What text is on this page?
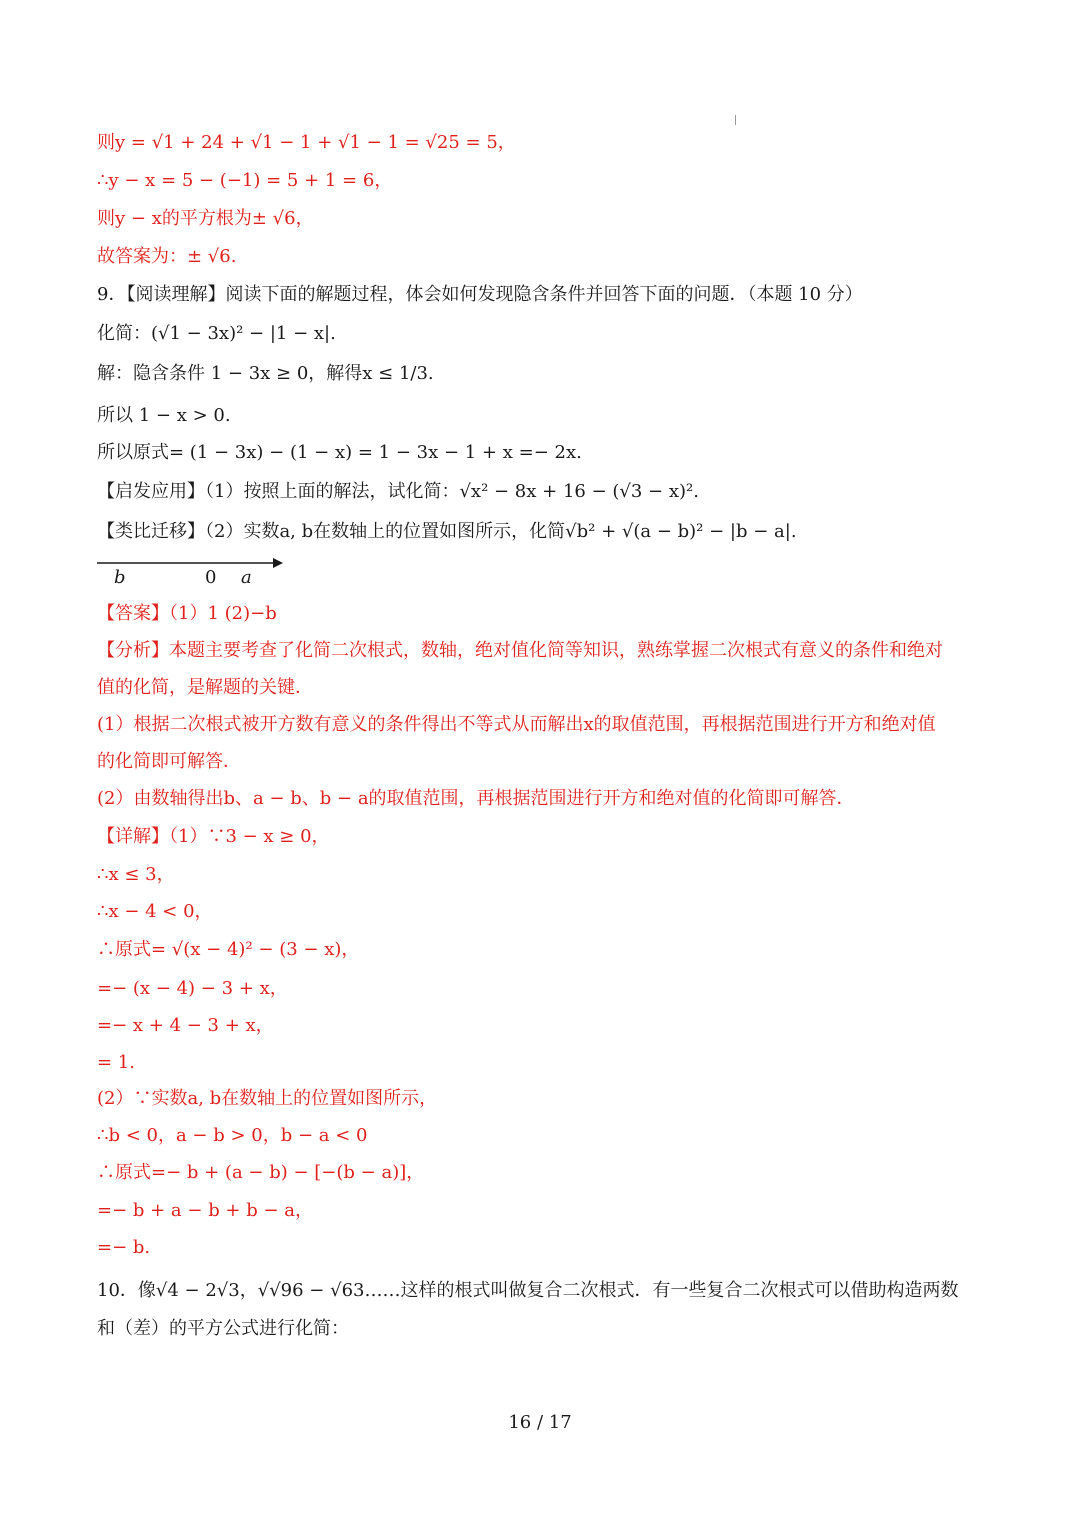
则y = √1 + 24 + √1 − 1 + √1 − 1 = √25 = 5，
∴y − x = 5 − (−1) = 5 + 1 = 6，
则y − x的平方根为± √6，
故答案为：± √6.
9．【阅读理解】阅读下面的解题过程，体会如何发现隐含条件并回答下面的问题．（本题 10 分）
化简：(√1 − 3x)² − |1 − x|.
解：隐含条件 1 − 3x ≥ 0，解得x ≤ 1/3.
所以 1 − x > 0.
所以原式= (1 − 3x) − (1 − x) = 1 − 3x − 1 + x =− 2x.
【启发应用】（1）按照上面的解法，试化简：√x² − 8x + 16 − (√3 − x)².
【类比迁移】（2）实数a, b在数轴上的位置如图所示，化简√b² + √(a − b)² − |b − a|.
b	0 a
【答案】（1）1 (2)−b
【分析】本题主要考查了化简二次根式，数轴，绝对值化简等知识，熟练掌握二次根式有意义的条件和绝对
值的化简，是解题的关键．
(1）根据二次根式被开方数有意义的条件得出不等式从而解出x的取值范围，再根据范围进行开方和绝对值
的化简即可解答．
(2）由数轴得出b、a − b、b − a的取值范围，再根据范围进行开方和绝对值的化简即可解答．
【详解】（1）∵3 − x ≥ 0，
∴x ≤ 3，
∴x − 4 < 0，
∴原式= √(x − 4)² − (3 − x)，
=− (x − 4) − 3 + x，
=− x + 4 − 3 + x，
= 1.
(2）∵实数a, b在数轴上的位置如图所示，
∴b < 0，a − b > 0，b − a < 0
∴原式=− b + (a − b) − [−(b − a)]，
=− b + a − b + b − a，
=− b.
10．像√4 − 2√3，√√96 − √63……这样的根式叫做复合二次根式．有一些复合二次根式可以借助构造两数
和（差）的平方公式进行化简：
16 / 17
